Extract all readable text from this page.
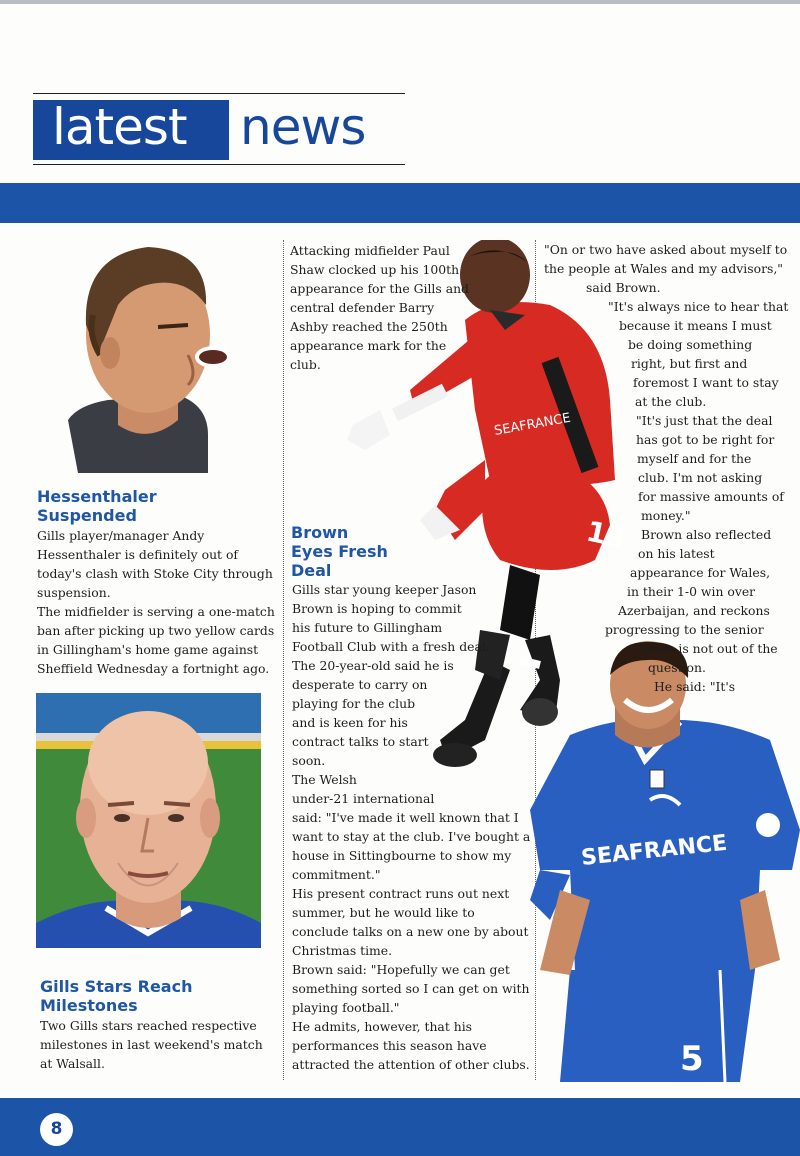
latest news
Hessenthaler
Suspended

Gills player/manager Andy Hessenthaler is definitely out of today's clash with Stoke City through suspension.

The midfielder is serving a one-match ban after picking up two yellow cards in Gillingham's home game against Sheffield Wednesday a fortnight ago.

Gills Stars Reach
Milestones

Two Gills stars reached respective milestones in last weekend's match at Walsall.

SEAFRANCE
13

Attacking midfielder Paul Shaw clocked up his 100th appearance for the Gills and central defender Barry Ashby reached the 250th appearance mark for the club.

Brown
Eyes Fresh
Deal

Gills star young keeper Jason

Brown is hoping to commit

his future to Gillingham

Football Club with a fresh deal.

The 20-year-old said he is

desperate to carry on

playing for the club

and is keen for his

contract talks to start

soon.

The Welsh

under-21 international

said: "I've made it well known that I

want to stay at the club. I've bought a

house in Sittingbourne to show my

commitment."

His present contract runs out next

summer, but he would like to

conclude talks on a new one by about

Christmas time.

Brown said: "Hopefully we can get

something sorted so I can get on with

playing football."

He admits, however, that his

performances this season have

attracted the attention of other clubs.	5
SEAFRANCE

"On or two have asked about myself to

the people at Wales and my advisors,"

said Brown.

"It's always nice to hear that

because it means I must

be doing something

right, but first and

foremost I want to stay

at the club.

"It's just that the deal

has got to be right for

myself and for the

club. I'm not asking

for massive amounts of

money."

Brown also reflected

on his latest

appearance for Wales,

in their 1-0 win over

Azerbaijan, and reckons

progressing to the senior

team is not out of the

question.

He said: "It's

8
